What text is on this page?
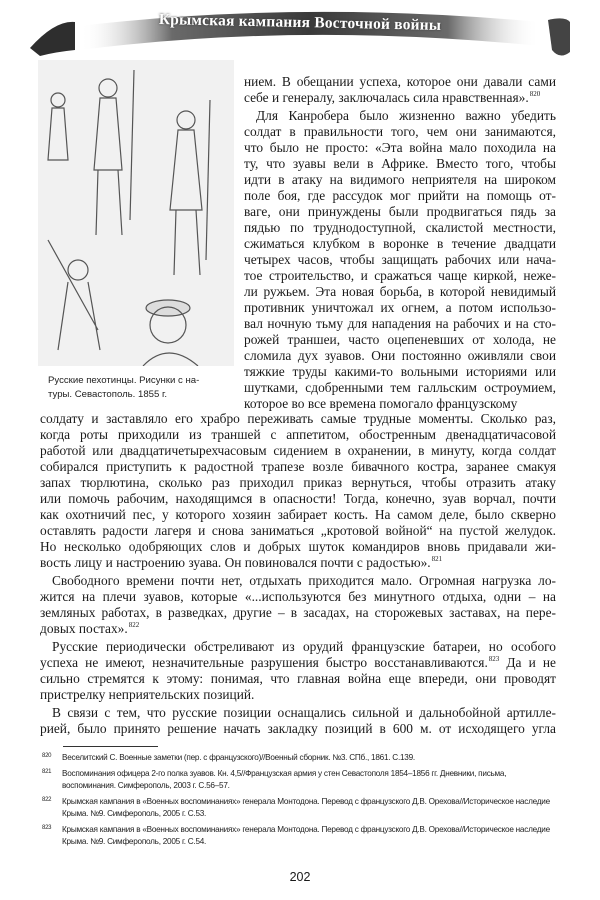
Крымская кампания Восточной войны
Русские пехотинцы. Рисунки с на-
туры. Севастополь. 1855 г.
нием. В обещании успеха, которое они давали сами
себе и генералу, заключалась сила нравственная».$^{820}$
Для Канробера было жизненно важно убедить
солдат в правильности того, чем они занимаются,
что было не просто: «Эта война мало походила на
ту, что зуавы вели в Африке. Вместо того, чтобы
идти в атаку на видимого неприятеля на широком
поле боя, где рассудок мог прийти на помощь от-
ваге, они принуждены были продвигаться пядь за
пядью по труднодоступной, скалистой местности,
сжиматься клубком в воронке в течение двадцати
четырех часов, чтобы защищать рабочих или нача-
тое строительство, и сражаться чаще киркой, неже-
ли ружьем. Эта новая борьба, в которой невидимый
противник уничтожал их огнем, а потом использо-
вал ночную тьму для нападения на рабочих и на сто-
рожей траншеи, часто оцепеневших от холода, не
сломила дух зуавов. Они постоянно оживляли свои
тяжкие труды какими-то вольными историями или
шутками, сдобренными тем галльским остроумием,
которое во все времена помогало французскому
солдату и заставляло его храбро переживать самые трудные моменты. Сколько раз,
когда роты приходили из траншей с аппетитом, обостренным двенадцатичасовой
работой или двадцатичетырехчасовым сидением в охранении, в минуту, когда солдат
собирался приступить к радостной трапезе возле бивачного костра, заранее смакуя
запах тюрлютина, сколько раз приходил приказ вернуться, чтобы отразить атаку
или помочь рабочим, находящимся в опасности! Тогда, конечно, зуав ворчал, почти
как охотничий пес, у которого хозяин забирает кость. На самом деле, было скверно
оставлять радости лагеря и снова заниматься „кротовой войной“ на пустой желудок.
Но несколько одобряющих слов и добрых шуток командиров вновь придавали жи-
вость лицу и настроению зуава. Он повиновался почти с радостью».$^{821}$
Свободного времени почти нет, отдыхать приходится мало. Огромная нагрузка ло-
жится на плечи зуавов, которые «...используются без минутного отдыха, одни – на
земляных работах, в разведках, другие – в засадах, на сторожевых заставах, на пере-
довых постах».$^{822}$
Русские периодически обстреливают из орудий французские батареи, но особого
успеха не имеют, незначительные разрушения быстро восстанавливаются.$^{823}$ Да и не
сильно стремятся к этому: понимая, что главная война еще впереди, они проводят
пристрелку неприятельских позиций.
В связи с тем, что русские позиции оснащались сильной и дальнобойной артилле-
рией, было принято решение начать закладку позиций в 600 м. от исходящего угла
820 Веселитский С. Военные заметки (пер. с французского)//Военный сборник. №3. СПб., 1861. С.139.
821 Воспоминания офицера 2-го полка зуавов. Кн. 4,5//Французская армия у стен Севастополя 1854–1856 гг. Дневники, письма, воспоминания. Симферополь, 2003 г. С.56–57.
822 Крымская кампания в «Военных воспоминаниях» генерала Монтодона. Перевод с французского Д.В. Орехова//Историческое наследие Крыма. №9. Симферополь, 2005 г. С.53.
823 Крымская кампания в «Военных воспоминаниях» генерала Монтодона. Перевод с французского Д.В. Орехова//Историческое наследие Крыма. №9. Симферополь, 2005 г. С.54.
202
